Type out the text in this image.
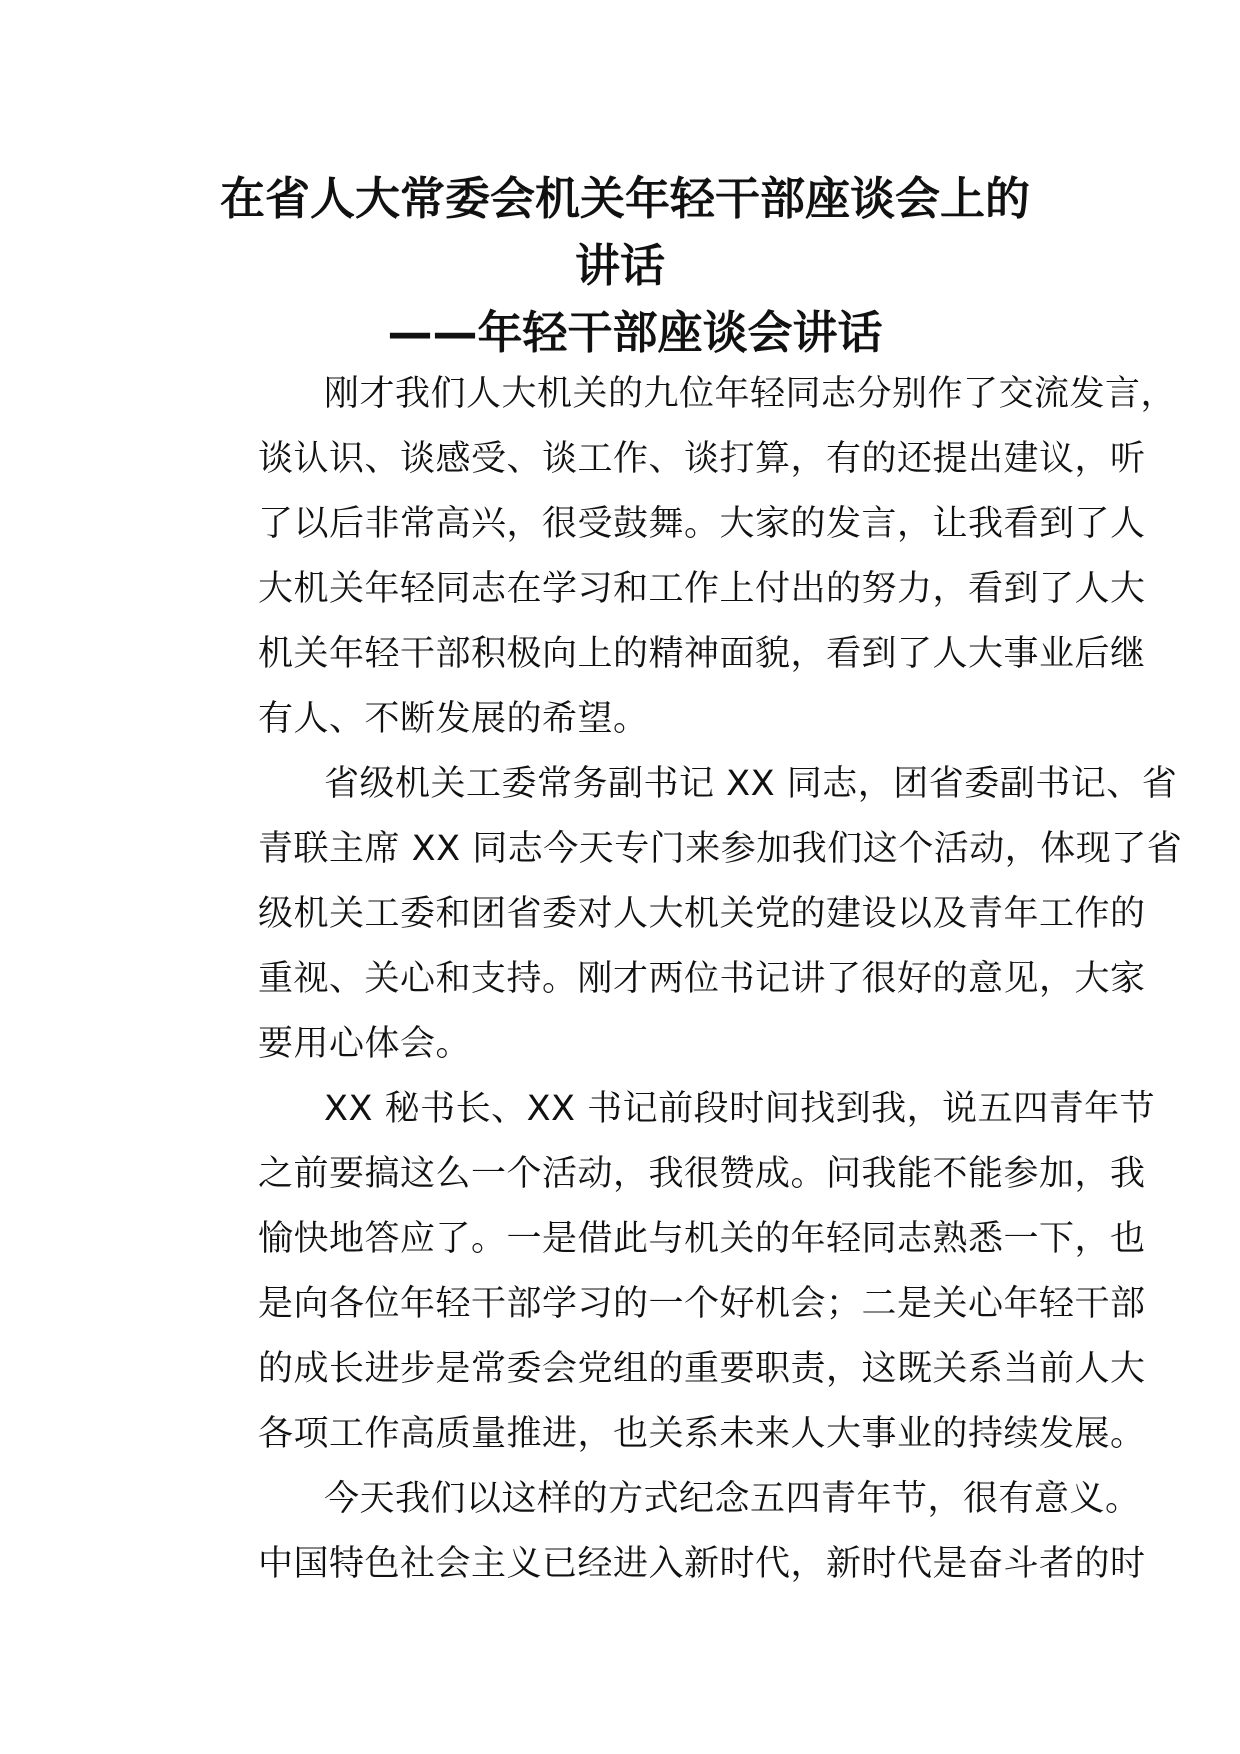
在省人大常委会机关年轻干部座谈会上的
讲话
——年轻干部座谈会讲话
刚才我们人大机关的九位年轻同志分别作了交流发言，
谈认识、谈感受、谈工作、谈打算，有的还提出建议，听
了以后非常高兴，很受鼓舞。大家的发言，让我看到了人
大机关年轻同志在学习和工作上付出的努力，看到了人大
机关年轻干部积极向上的精神面貌，看到了人大事业后继
有人、不断发展的希望。
省级机关工委常务副书记 XX 同志，团省委副书记、省
青联主席 XX 同志今天专门来参加我们这个活动，体现了省
级机关工委和团省委对人大机关党的建设以及青年工作的
重视、关心和支持。刚才两位书记讲了很好的意见，大家
要用心体会。
XX 秘书长、XX 书记前段时间找到我，说五四青年节
之前要搞这么一个活动，我很赞成。问我能不能参加，我
愉快地答应了。一是借此与机关的年轻同志熟悉一下，也
是向各位年轻干部学习的一个好机会；二是关心年轻干部
的成长进步是常委会党组的重要职责，这既关系当前人大
各项工作高质量推进，也关系未来人大事业的持续发展。
今天我们以这样的方式纪念五四青年节，很有意义。
中国特色社会主义已经进入新时代，新时代是奋斗者的时
